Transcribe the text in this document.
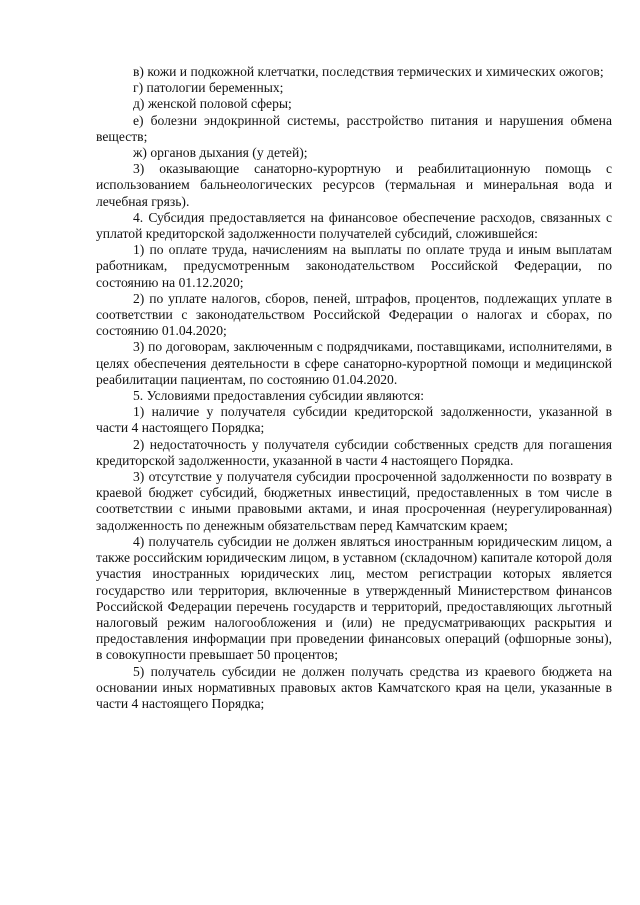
в) кожи и подкожной клетчатки, последствия термических и химических ожогов;

г) патологии беременных;

д) женской половой сферы;

е) болезни эндокринной системы, расстройство питания и нарушения обмена веществ;

ж) органов дыхания (у детей);

3) оказывающие санаторно-курортную и реабилитационную помощь с использованием бальнеологических ресурсов (термальная и минеральная вода и лечебная грязь).

4. Субсидия предоставляется на финансовое обеспечение расходов, связанных с уплатой кредиторской задолженности получателей субсидий, сложившейся:

1) по оплате труда, начислениям на выплаты по оплате труда и иным выплатам работникам, предусмотренным законодательством Российской Федерации, по состоянию на 01.12.2020;

2) по уплате налогов, сборов, пеней, штрафов, процентов, подлежащих уплате в соответствии с законодательством Российской Федерации о налогах и сборах, по состоянию 01.04.2020;

3) по договорам, заключенным с подрядчиками, поставщиками, исполнителями, в целях обеспечения деятельности в сфере санаторно-курортной помощи и медицинской реабилитации пациентам, по состоянию 01.04.2020.

5. Условиями предоставления субсидии являются:

1) наличие у получателя субсидии кредиторской задолженности, указанной в части 4 настоящего Порядка;

2) недостаточность у получателя субсидии собственных средств для погашения кредиторской задолженности, указанной в части 4 настоящего Порядка.

3) отсутствие у получателя субсидии просроченной задолженности по возврату в краевой бюджет субсидий, бюджетных инвестиций, предоставленных в том числе в соответствии с иными правовыми актами, и иная просроченная (неурегулированная) задолженность по денежным обязательствам перед Камчатским краем;

4) получатель субсидии не должен являться иностранным юридическим лицом, а также российским юридическим лицом, в уставном (складочном) капитале которой доля участия иностранных юридических лиц, местом регистрации которых является государство или территория, включенные в утвержденный Министерством финансов Российской Федерации перечень государств и территорий, предоставляющих льготный налоговый режим налогообложения и (или) не предусматривающих раскрытия и предоставления информации при проведении финансовых операций (офшорные зоны), в совокупности превышает 50 процентов;

5) получатель субсидии не должен получать средства из краевого бюджета на основании иных нормативных правовых актов Камчатского края на цели, указанные в части 4 настоящего Порядка;
